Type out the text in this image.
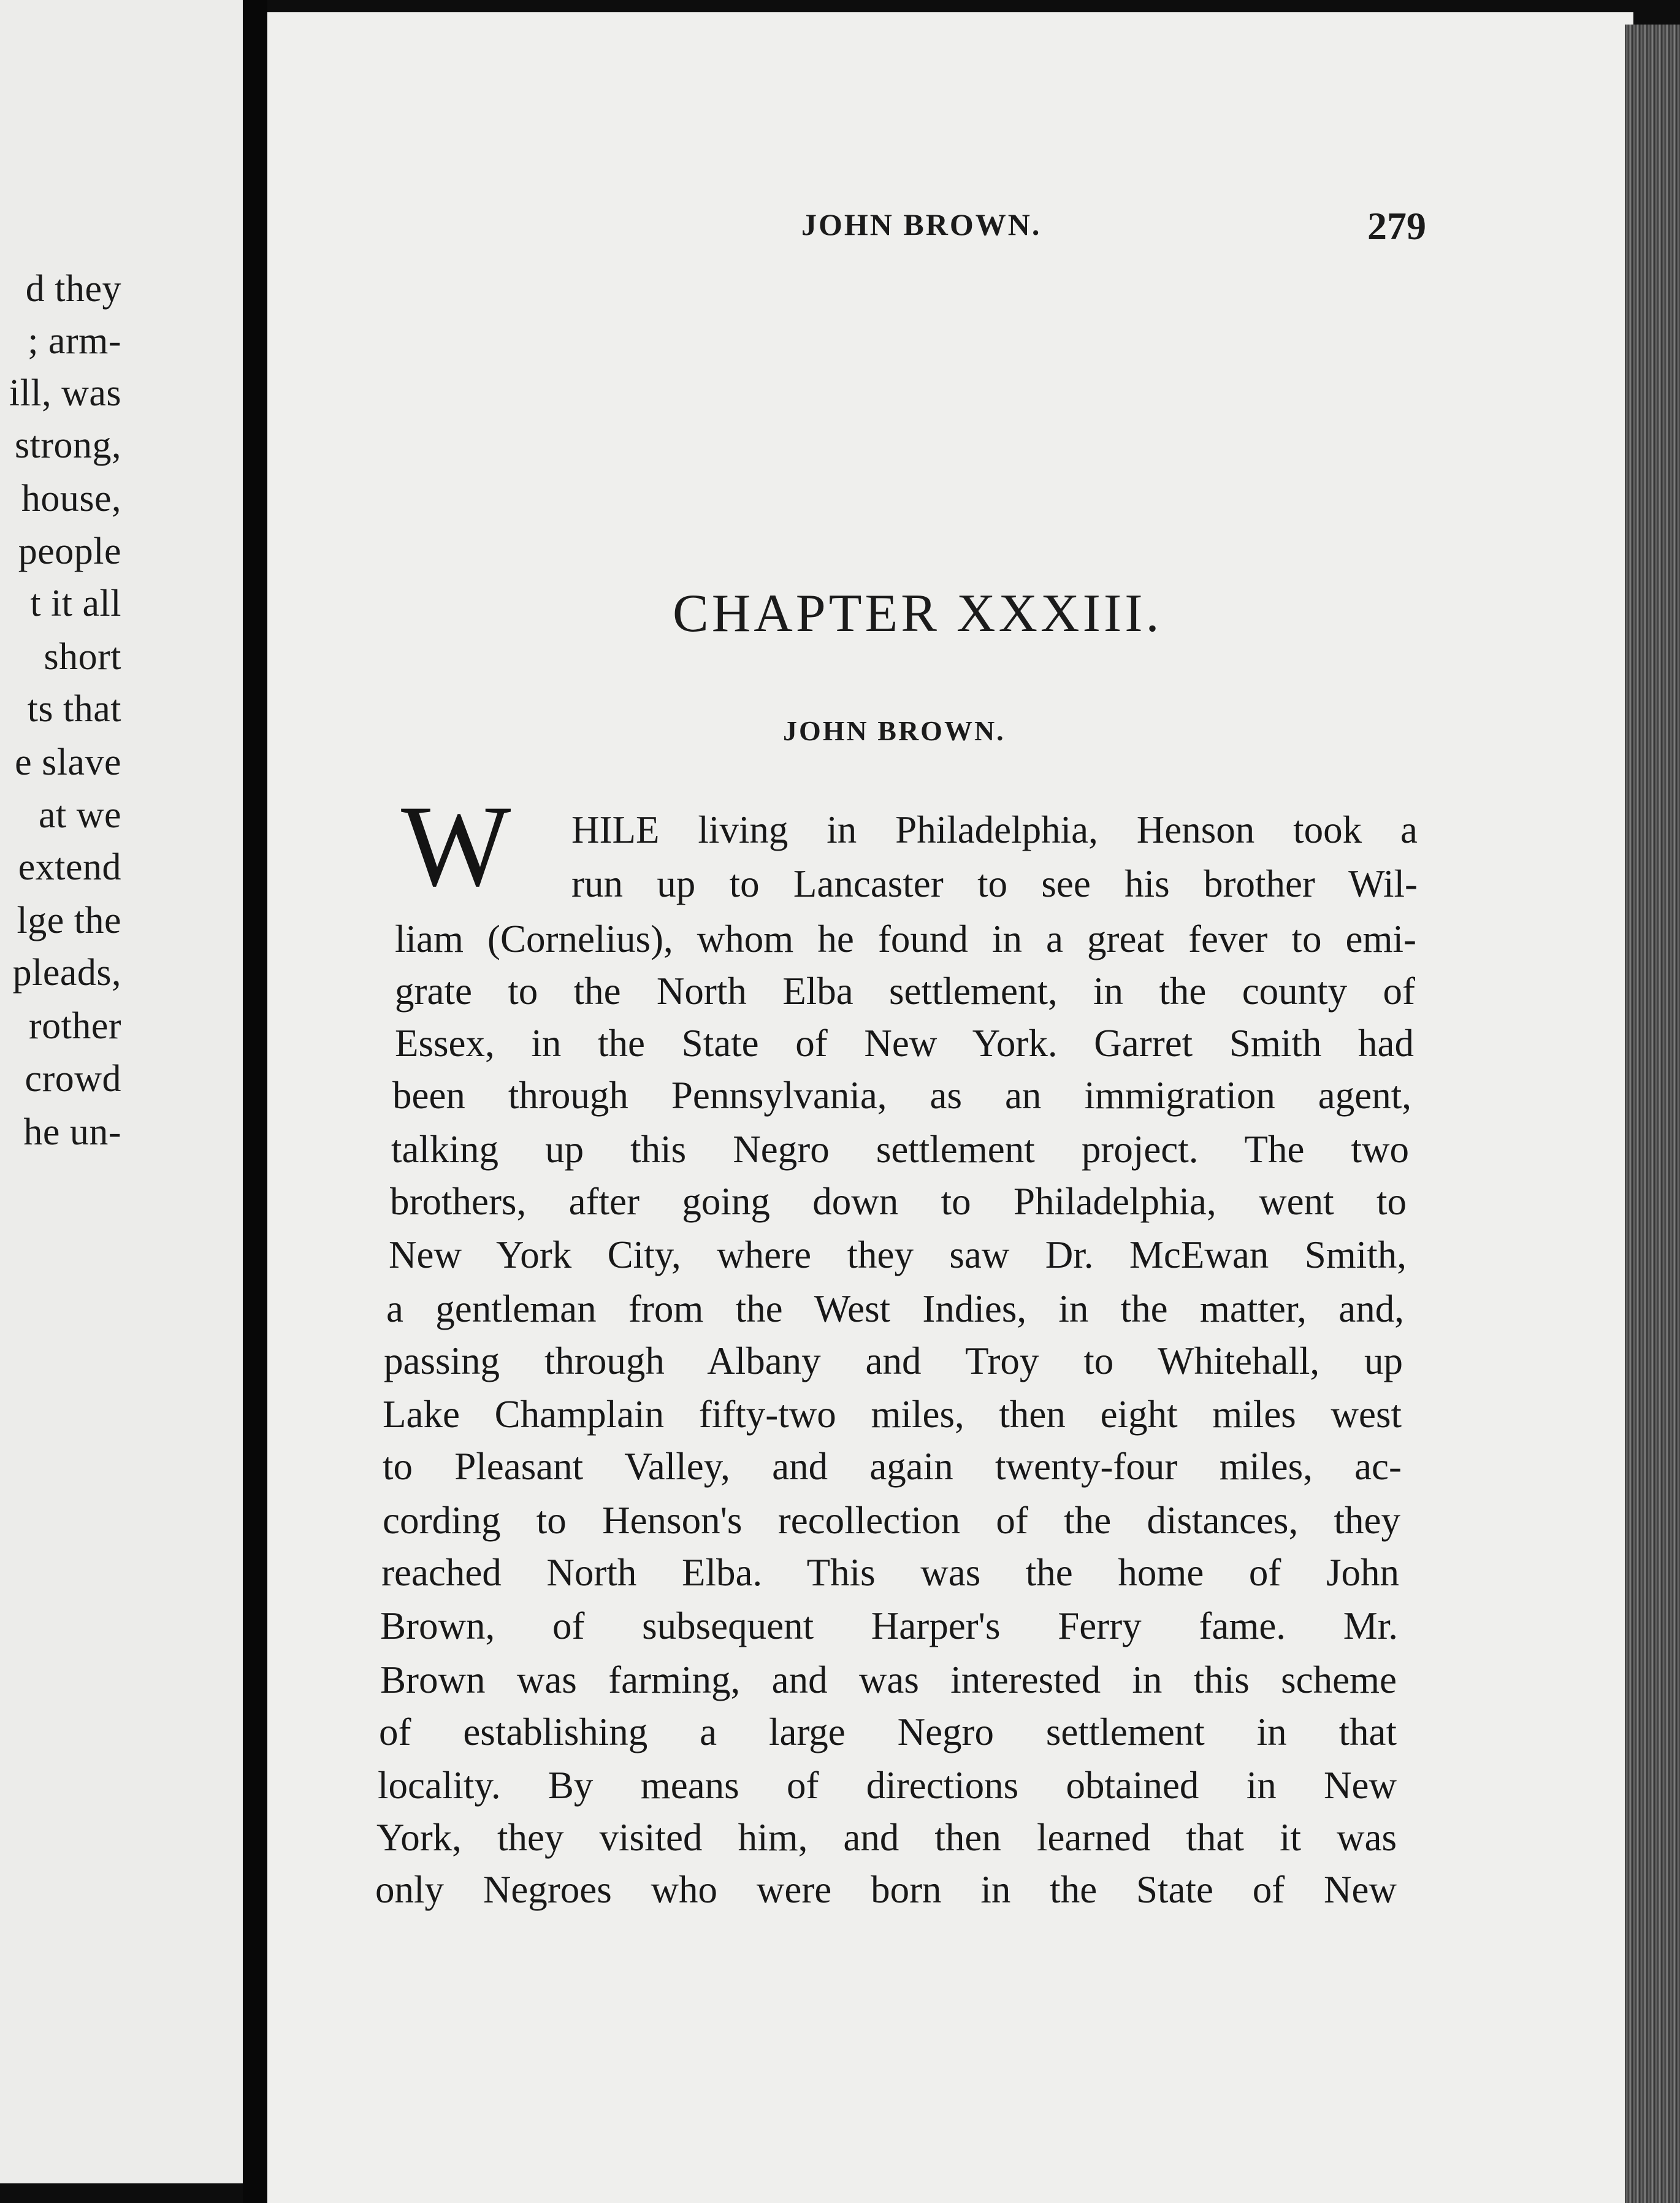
d they
; arm-
ill, was
strong,
house,
people
t it all
short
ts that
e slave
at we
extend
lge the
pleads,
rother
crowd
he un-
JOHN BROWN.	279
CHAPTER XXXIII.
JOHN BROWN.
W HILE living in Philadelphia, Henson took a
run up to Lancaster to see his brother Wil-
liam (Cornelius), whom he found in a great fever to emi-
grate to the North Elba settlement, in the county of
Essex, in the State of New York. Garret Smith had
been through Pennsylvania, as an immigration agent,
talking up this Negro settlement project. The two
brothers, after going down to Philadelphia, went to
New York City, where they saw Dr. McEwan Smith,
a gentleman from the West Indies, in the matter, and,
passing through Albany and Troy to Whitehall, up
Lake Champlain fifty-two miles, then eight miles west
to Pleasant Valley, and again twenty-four miles, ac-
cording to Henson's recollection of the distances, they
reached North Elba. This was the home of John
Brown, of subsequent Harper's Ferry fame. Mr.
Brown was farming, and was interested in this scheme
of establishing a large Negro settlement in that
locality. By means of directions obtained in New
York, they visited him, and then learned that it was
only Negroes who were born in the State of New
